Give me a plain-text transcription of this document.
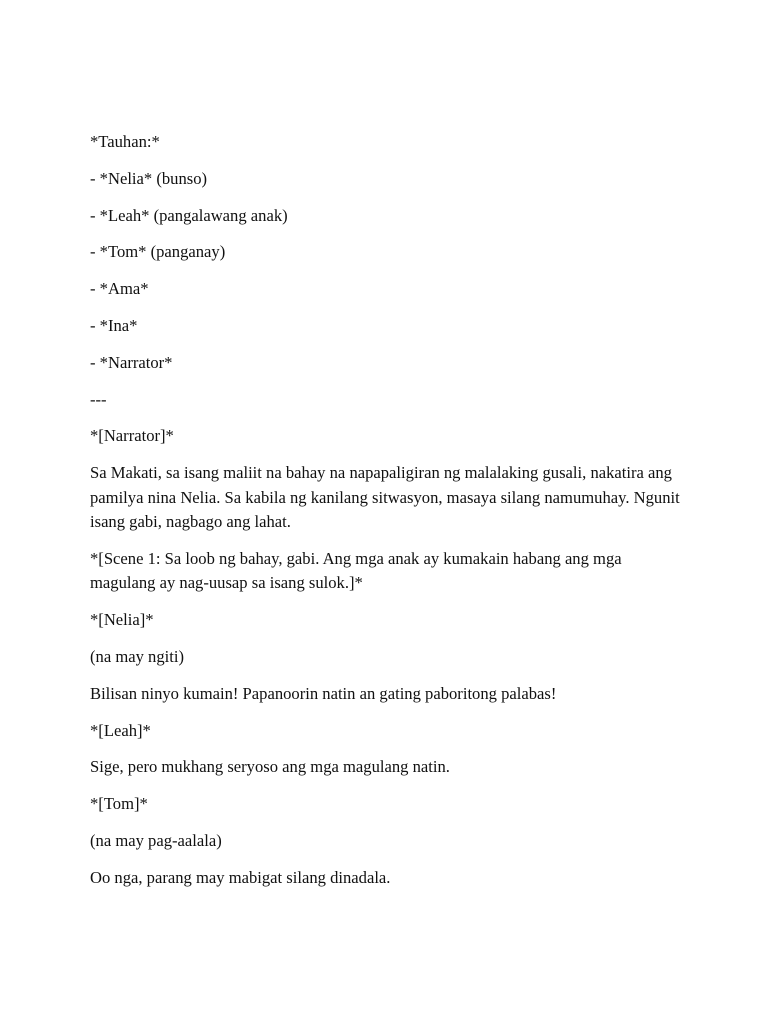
*Tauhan:*

- *Nelia* (bunso)

- *Leah* (pangalawang anak)

- *Tom* (panganay)

- *Ama*

- *Ina*

- *Narrator*

---

*[Narrator]*

Sa Makati, sa isang maliit na bahay na napapaligiran ng malalaking gusali, nakatira ang pamilya nina Nelia. Sa kabila ng kanilang sitwasyon, masaya silang namumuhay. Ngunit isang gabi, nagbago ang lahat.

*[Scene 1: Sa loob ng bahay, gabi. Ang mga anak ay kumakain habang ang mga magulang ay nag-uusap sa isang sulok.]*

*[Nelia]*

(na may ngiti)

Bilisan ninyo kumain! Papanoorin natin an gating paboritong palabas!

*[Leah]*

Sige, pero mukhang seryoso ang mga magulang natin.

*[Tom]*

(na may pag-aalala)

Oo nga, parang may mabigat silang dinadala.
